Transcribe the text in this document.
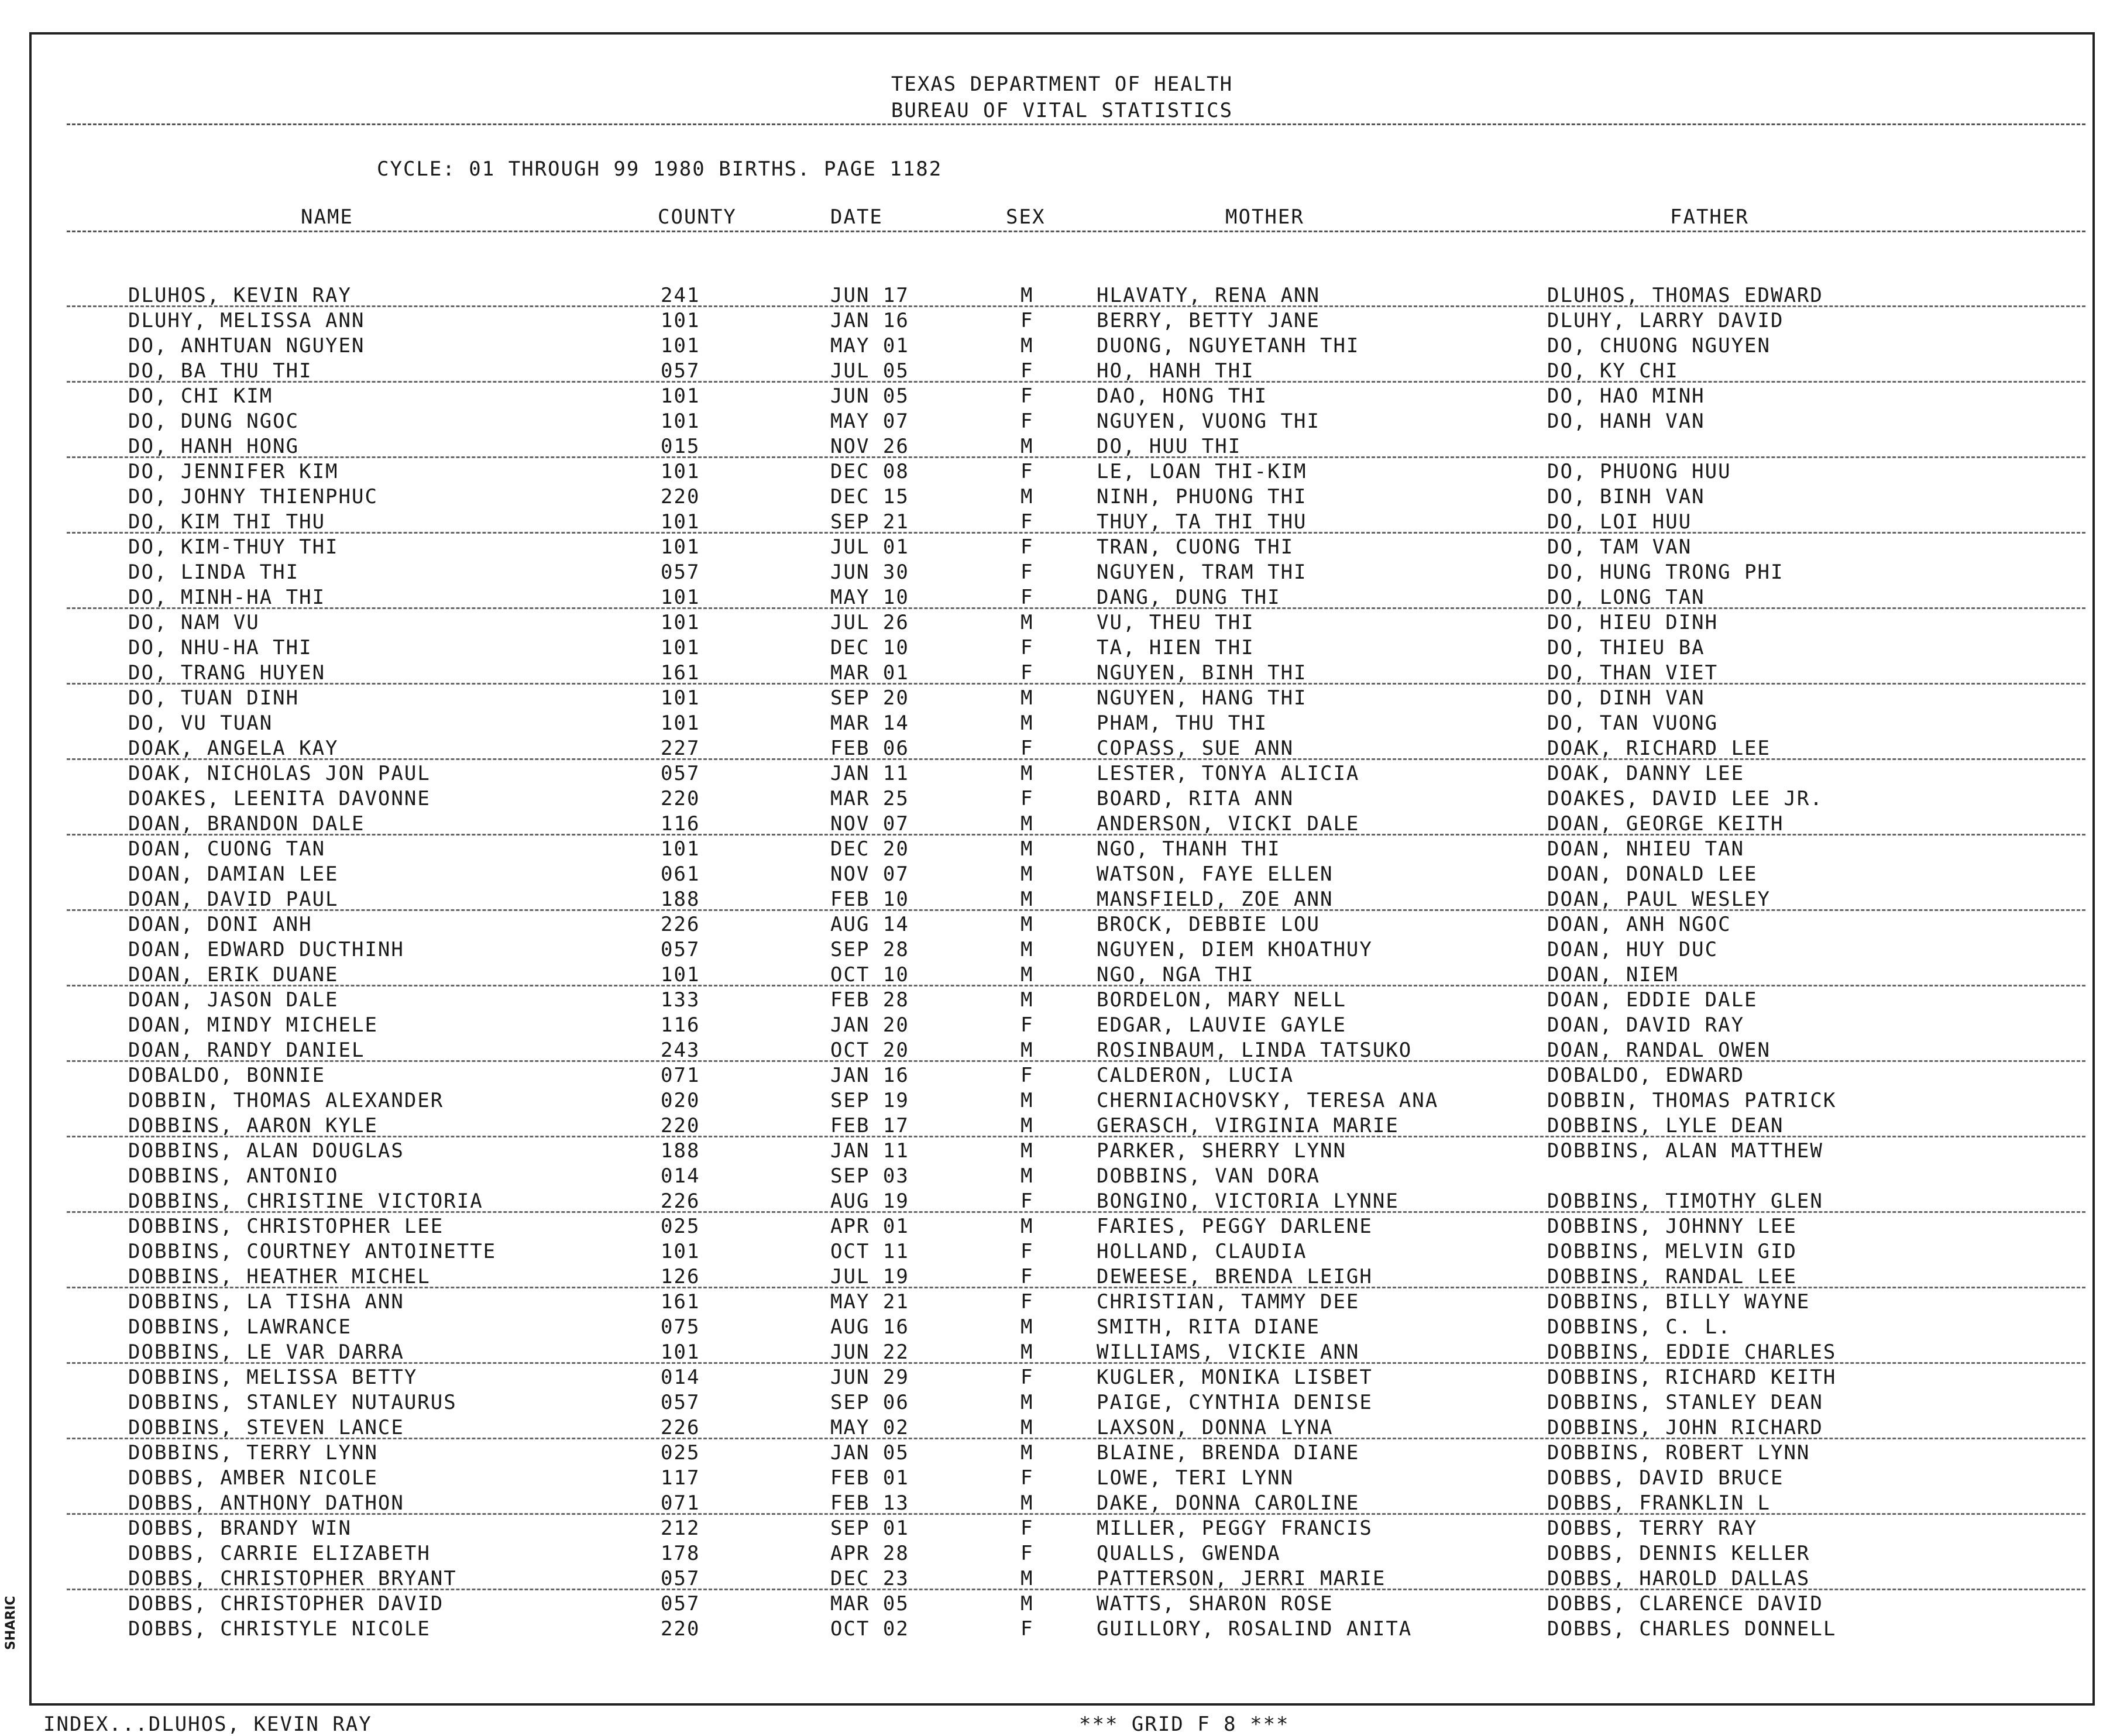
TEXAS DEPARTMENT OF HEALTH
BUREAU OF VITAL STATISTICS
CYCLE: 01 THROUGH 99 1980 BIRTHS. PAGE 1182
NAME	COUNTY	DATE	SEX	MOTHER	FATHER
DLUHOS, KEVIN RAY	241	JUN 17	M	HLAVATY, RENA ANN	DLUHOS, THOMAS EDWARD
DLUHY, MELISSA ANN	101	JAN 16	F	BERRY, BETTY JANE	DLUHY, LARRY DAVID
DO, ANHTUAN NGUYEN	101	MAY 01	M	DUONG, NGUYETANH THI	DO, CHUONG NGUYEN
DO, BA THU THI	057	JUL 05	F	HO, HANH THI	DO, KY CHI
DO, CHI KIM	101	JUN 05	F	DAO, HONG THI	DO, HAO MINH
DO, DUNG NGOC	101	MAY 07	F	NGUYEN, VUONG THI	DO, HANH VAN
DO, HANH HONG	015	NOV 26	M	DO, HUU THI
DO, JENNIFER KIM	101	DEC 08	F	LE, LOAN THI-KIM	DO, PHUONG HUU
DO, JOHNY THIENPHUC	220	DEC 15	M	NINH, PHUONG THI	DO, BINH VAN
DO, KIM THI THU	101	SEP 21	F	THUY, TA THI THU	DO, LOI HUU
DO, KIM-THUY THI	101	JUL 01	F	TRAN, CUONG THI	DO, TAM VAN
DO, LINDA THI	057	JUN 30	F	NGUYEN, TRAM THI	DO, HUNG TRONG PHI
DO, MINH-HA THI	101	MAY 10	F	DANG, DUNG THI	DO, LONG TAN
DO, NAM VU	101	JUL 26	M	VU, THEU THI	DO, HIEU DINH
DO, NHU-HA THI	101	DEC 10	F	TA, HIEN THI	DO, THIEU BA
DO, TRANG HUYEN	161	MAR 01	F	NGUYEN, BINH THI	DO, THAN VIET
DO, TUAN DINH	101	SEP 20	M	NGUYEN, HANG THI	DO, DINH VAN
DO, VU TUAN	101	MAR 14	M	PHAM, THU THI	DO, TAN VUONG
DOAK, ANGELA KAY	227	FEB 06	F	COPASS, SUE ANN	DOAK, RICHARD LEE
DOAK, NICHOLAS JON PAUL	057	JAN 11	M	LESTER, TONYA ALICIA	DOAK, DANNY LEE
DOAKES, LEENITA DAVONNE	220	MAR 25	F	BOARD, RITA ANN	DOAKES, DAVID LEE JR.
DOAN, BRANDON DALE	116	NOV 07	M	ANDERSON, VICKI DALE	DOAN, GEORGE KEITH
DOAN, CUONG TAN	101	DEC 20	M	NGO, THANH THI	DOAN, NHIEU TAN
DOAN, DAMIAN LEE	061	NOV 07	M	WATSON, FAYE ELLEN	DOAN, DONALD LEE
DOAN, DAVID PAUL	188	FEB 10	M	MANSFIELD, ZOE ANN	DOAN, PAUL WESLEY
DOAN, DONI ANH	226	AUG 14	M	BROCK, DEBBIE LOU	DOAN, ANH NGOC
DOAN, EDWARD DUCTHINH	057	SEP 28	M	NGUYEN, DIEM KHOATHUY	DOAN, HUY DUC
DOAN, ERIK DUANE	101	OCT 10	M	NGO, NGA THI	DOAN, NIEM
DOAN, JASON DALE	133	FEB 28	M	BORDELON, MARY NELL	DOAN, EDDIE DALE
DOAN, MINDY MICHELE	116	JAN 20	F	EDGAR, LAUVIE GAYLE	DOAN, DAVID RAY
DOAN, RANDY DANIEL	243	OCT 20	M	ROSINBAUM, LINDA TATSUKO	DOAN, RANDAL OWEN
DOBALDO, BONNIE	071	JAN 16	F	CALDERON, LUCIA	DOBALDO, EDWARD
DOBBIN, THOMAS ALEXANDER	020	SEP 19	M	CHERNIACHOVSKY, TERESA ANA	DOBBIN, THOMAS PATRICK
DOBBINS, AARON KYLE	220	FEB 17	M	GERASCH, VIRGINIA MARIE	DOBBINS, LYLE DEAN
DOBBINS, ALAN DOUGLAS	188	JAN 11	M	PARKER, SHERRY LYNN	DOBBINS, ALAN MATTHEW
DOBBINS, ANTONIO	014	SEP 03	M	DOBBINS, VAN DORA
DOBBINS, CHRISTINE VICTORIA	226	AUG 19	F	BONGINO, VICTORIA LYNNE	DOBBINS, TIMOTHY GLEN
DOBBINS, CHRISTOPHER LEE	025	APR 01	M	FARIES, PEGGY DARLENE	DOBBINS, JOHNNY LEE
DOBBINS, COURTNEY ANTOINETTE	101	OCT 11	F	HOLLAND, CLAUDIA	DOBBINS, MELVIN GID
DOBBINS, HEATHER MICHEL	126	JUL 19	F	DEWEESE, BRENDA LEIGH	DOBBINS, RANDAL LEE
DOBBINS, LA TISHA ANN	161	MAY 21	F	CHRISTIAN, TAMMY DEE	DOBBINS, BILLY WAYNE
DOBBINS, LAWRANCE	075	AUG 16	M	SMITH, RITA DIANE	DOBBINS, C. L.
DOBBINS, LE VAR DARRA	101	JUN 22	M	WILLIAMS, VICKIE ANN	DOBBINS, EDDIE CHARLES
DOBBINS, MELISSA BETTY	014	JUN 29	F	KUGLER, MONIKA LISBET	DOBBINS, RICHARD KEITH
DOBBINS, STANLEY NUTAURUS	057	SEP 06	M	PAIGE, CYNTHIA DENISE	DOBBINS, STANLEY DEAN
DOBBINS, STEVEN LANCE	226	MAY 02	M	LAXSON, DONNA LYNA	DOBBINS, JOHN RICHARD
DOBBINS, TERRY LYNN	025	JAN 05	M	BLAINE, BRENDA DIANE	DOBBINS, ROBERT LYNN
DOBBS, AMBER NICOLE	117	FEB 01	F	LOWE, TERI LYNN	DOBBS, DAVID BRUCE
DOBBS, ANTHONY DATHON	071	FEB 13	M	DAKE, DONNA CAROLINE	DOBBS, FRANKLIN L
DOBBS, BRANDY WIN	212	SEP 01	F	MILLER, PEGGY FRANCIS	DOBBS, TERRY RAY
DOBBS, CARRIE ELIZABETH	178	APR 28	F	QUALLS, GWENDA	DOBBS, DENNIS KELLER
DOBBS, CHRISTOPHER BRYANT	057	DEC 23	M	PATTERSON, JERRI MARIE	DOBBS, HAROLD DALLAS
DOBBS, CHRISTOPHER DAVID	057	MAR 05	M	WATTS, SHARON ROSE	DOBBS, CLARENCE DAVID
DOBBS, CHRISTYLE NICOLE	220	OCT 02	F	GUILLORY, ROSALIND ANITA	DOBBS, CHARLES DONNELL
INDEX...DLUHOS, KEVIN RAY	*** GRID F 8 ***
SHARIC
